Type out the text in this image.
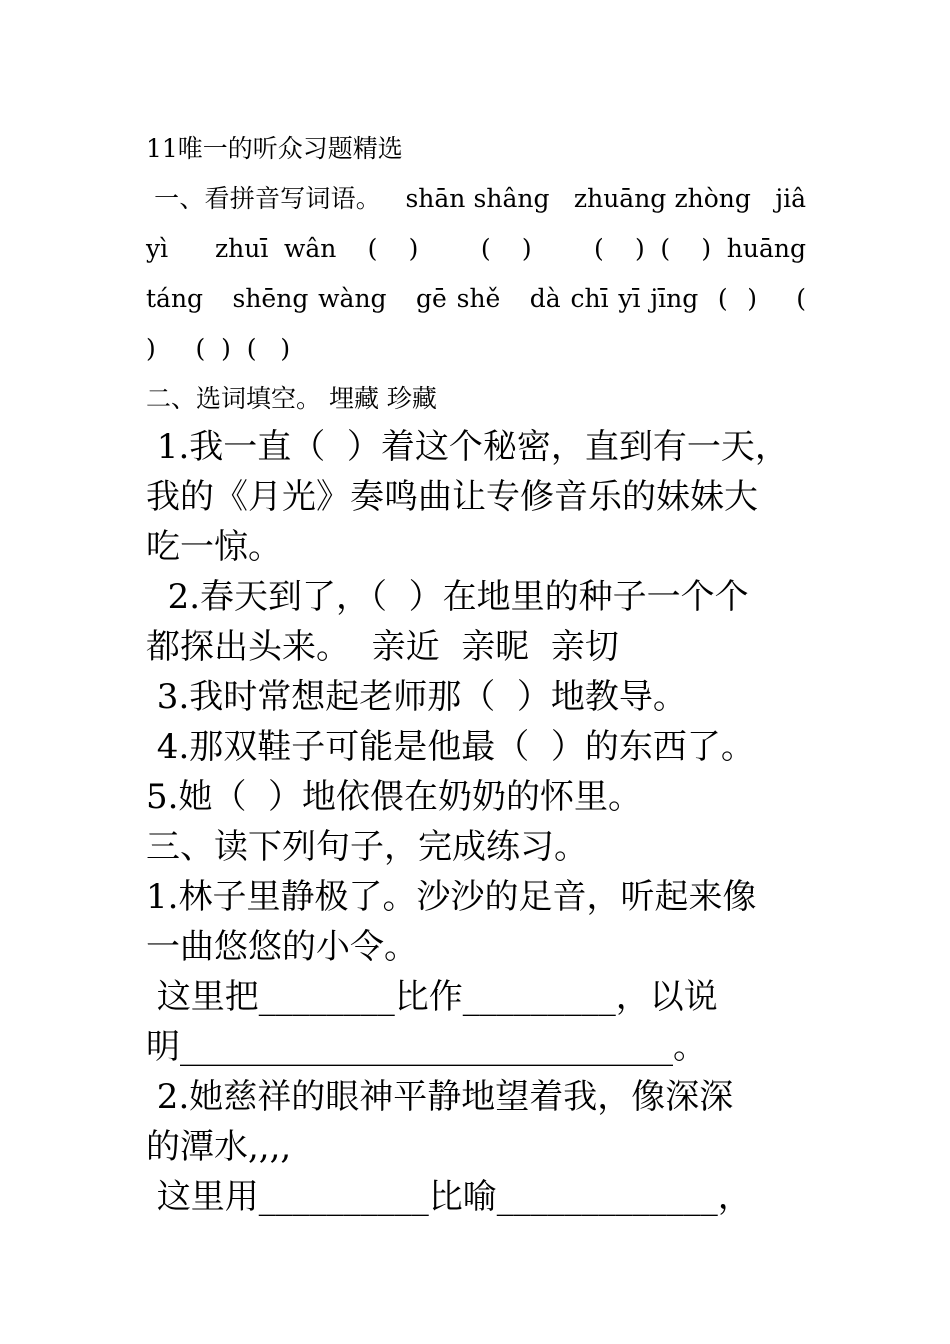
11唯一的听众习题精选
一、看拼音写词语。   shān shâng   zhuāng zhòng   jiâ
yì   zhuī wân  (  )    (  )    (  ) (  ) huāng
táng   shēng wàng   gē shě   dà chī yī jīng  (  )    (
)     (  )  (   )
二、选词填空。 埋藏 珍藏
1.我一直（  ）着这个秘密，直到有一天，
我的《月光》奏鸣曲让专修音乐的妹妹大
吃一惊。
2.春天到了，（  ）在地里的种子一个个
都探出头来。  亲近  亲昵  亲切
3.我时常想起老师那（  ）地教导。
4.那双鞋子可能是他最（  ）的东西了。
5.她（  ）地依偎在奶奶的怀里。
三、读下列句子，完成练习。
1.林子里静极了。沙沙的足音，听起来像
一曲悠悠的小令。
这里把________比作_________，以说
明_____________________________。
2.她慈祥的眼神平静地望着我，像深深
的潭水,,,,
这里用__________比喻_____________，
